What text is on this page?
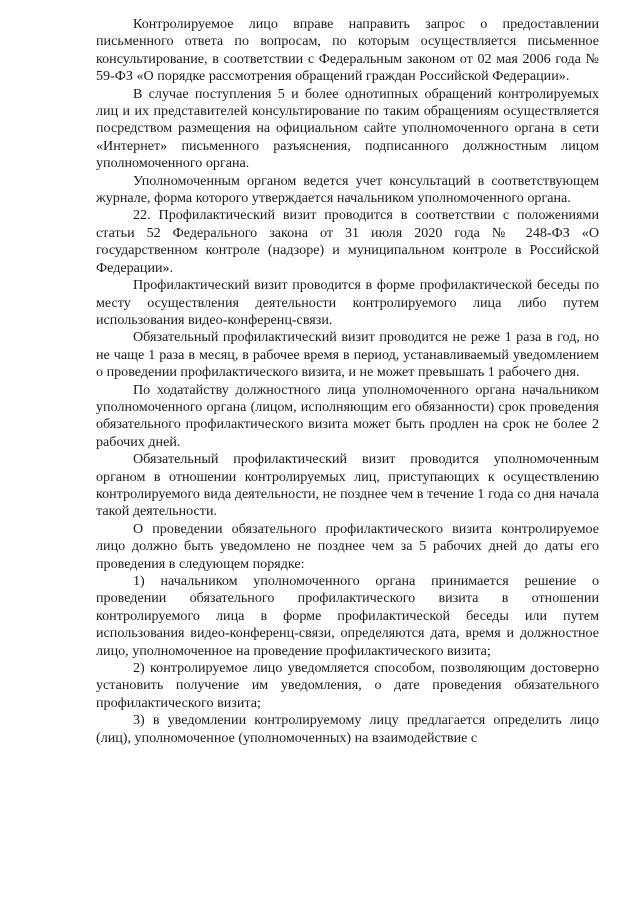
Контролируемое лицо вправе направить запрос о предоставлении письменного ответа по вопросам, по которым осуществляется письменное консультирование, в соответствии с Федеральным законом от 02 мая 2006 года № 59-ФЗ «О порядке рассмотрения обращений граждан Российской Федерации».

В случае поступления 5 и более однотипных обращений контролируемых лиц и их представителей консультирование по таким обращениям осуществляется посредством размещения на официальном сайте уполномоченного органа в сети «Интернет» письменного разъяснения, подписанного должностным лицом уполномоченного органа.

Уполномоченным органом ведется учет консультаций в соответствующем журнале, форма которого утверждается начальником уполномоченного органа.

22. Профилактический визит проводится в соответствии с положениями статьи 52 Федерального закона от 31 июля 2020 года № 248-ФЗ «О государственном контроле (надзоре) и муниципальном контроле в Российской Федерации».

Профилактический визит проводится в форме профилактической беседы по месту осуществления деятельности контролируемого лица либо путем использования видео-конференц-связи.

Обязательный профилактический визит проводится не реже 1 раза в год, но не чаще 1 раза в месяц, в рабочее время в период, устанавливаемый уведомлением о проведении профилактического визита, и не может превышать 1 рабочего дня.

По ходатайству должностного лица уполномоченного органа начальником уполномоченного органа (лицом, исполняющим его обязанности) срок проведения обязательного профилактического визита может быть продлен на срок не более 2 рабочих дней.

Обязательный профилактический визит проводится уполномоченным органом в отношении контролируемых лиц, приступающих к осуществлению контролируемого вида деятельности, не позднее чем в течение 1 года со дня начала такой деятельности.

О проведении обязательного профилактического визита контролируемое лицо должно быть уведомлено не позднее чем за 5 рабочих дней до даты его проведения в следующем порядке:

1) начальником уполномоченного органа принимается решение о проведении обязательного профилактического визита в отношении контролируемого лица в форме профилактической беседы или путем использования видео-конференц-связи, определяются дата, время и должностное лицо, уполномоченное на проведение профилактического визита;

2) контролируемое лицо уведомляется способом, позволяющим достоверно установить получение им уведомления, о дате проведения обязательного профилактического визита;

3) в уведомлении контролируемому лицу предлагается определить лицо (лиц), уполномоченное (уполномоченных) на взаимодействие с
